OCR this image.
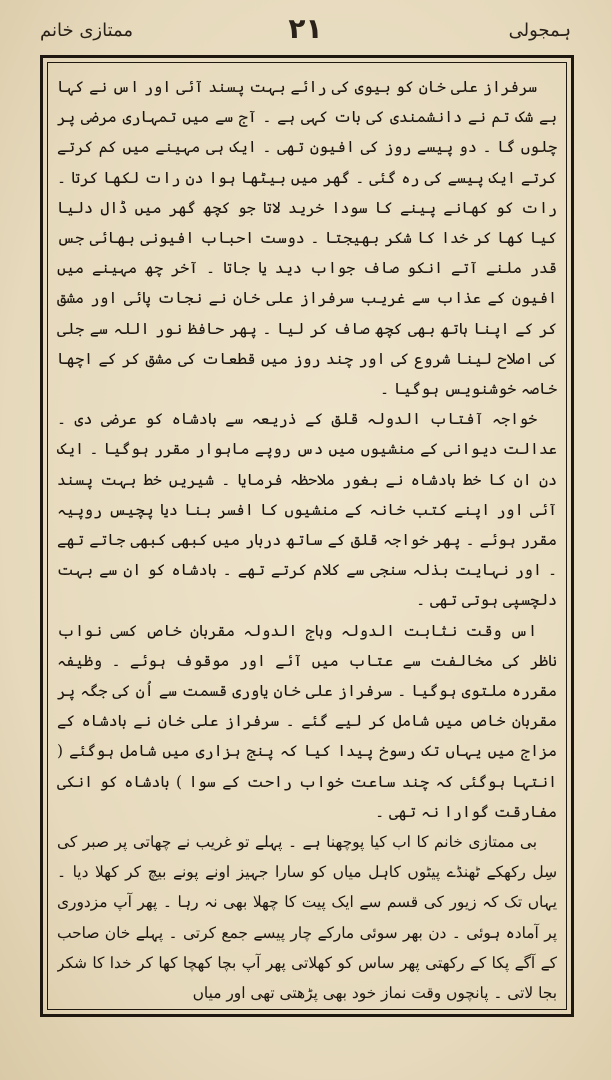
ہمجولی
۲۱
ممتازی خانم

سرفراز علی خان کو بیوی کی رائے بہت پسند آئی اور اس نے کہا بے شک تم نے دانشمندی کی بات کہی ہے ۔ آج سے میں تمہاری مرضی پر چلوں گا ۔ دو پیسے روز کی افیون تھی ۔ ایک ہی مہینے میں کم کرتے کرتے ایک پیسے کی رہ گئی ۔ گھر میں بیٹھا ہوا دن رات لکھا کرتا ۔ رات کو کھانے پینے کا سودا خرید لاتا جو کچھ گھر میں ڈال دلیا کیا کھا کر خدا کا شکر بھیجتا ۔ دوست احباب افیونی بھائی جس قدر ملنے آتے انکو صاف جواب دید یا جاتا ۔ آخر چھ مہینے میں افیون کے عذاب سے غریب سرفراز علی خان نے نجات پائی اور مشق کر کے اپنا ہاتھ بھی کچھ صاف کر لیا ۔ پھر حافظ نور اللہ سے جلی کی اصلاح لینا شروع کی اور چند روز میں قطعات کی مشق کر کے اچھا خاصہ خوشنویس ہوگیا ۔

خواجہ آفتاب الدولہ قلق کے ذریعہ سے بادشاہ کو عرضی دی ۔ عدالت دیوانی کے منشیوں میں دس روپے ماہوار مقرر ہوگیا ۔ ایک دن ان کا خط بادشاہ نے بغور ملاحظہ فرمایا ۔ شیریں خط بہت پسند آئی اور اپنے کتب خانہ کے منشیوں کا افسر بنا دیا پچیس روپیہ مقرر ہوئے ۔ پھر خواجہ قلق کے ساتھ دربار میں کبھی کبھی جاتے تھے ۔ اور نہایت بذلہ سنجی سے کلام کرتے تھے ۔ بادشاہ کو ان سے بہت دلچسپی ہوتی تھی ۔

اس وقت نثابت الدولہ وہاج الدولہ مقربان خاص کسی نواب ناظر کی مخالفت سے عتاب میں آئے اور موقوف ہوئے ۔ وظیفہ مقررہ ملتوی ہوگیا ۔ سرفراز علی خان یاوری قسمت سے اُن کی جگہ پر مقربان خاص میں شامل کر لیے گئے ۔ سرفراز علی خان نے بادشاہ کے مزاج میں یہاں تک رسوخ پیدا کیا کہ پنج ہزاری میں شامل ہوگئے ( انتہا ہوگئی کہ چند ساعت خواب راحت کے سوا ) بادشاہ کو انکی مفارقت گوارا نہ تھی ۔

بی ممتازی خانم کا اب کیا پوچھنا ہے ۔ پہلے تو غریب نے چھاتی پر صبر کی سِل رکھکے ٹھنڈے پیٹوں کاہل میاں کو سارا جہیز اونے پونے بیچ کر کھلا دیا ۔ یہاں تک کہ زیور کی قسم سے ایک پیت کا چھلا بھی نہ رہا ۔ پھر آپ مزدوری پر آمادہ ہوئی ۔ دن بھر سوئی مارکے چار پیسے جمع کرتی ۔ پہلے خان صاحب کے آگے پکا کے رکھتی پھر ساس کو کھلاتی پھر آپ بچا کھچا کھا کر خدا کا شکر بجا لاتی ۔ پانچوں وقت نماز خود بھی پڑھتی تھی اور میاں
